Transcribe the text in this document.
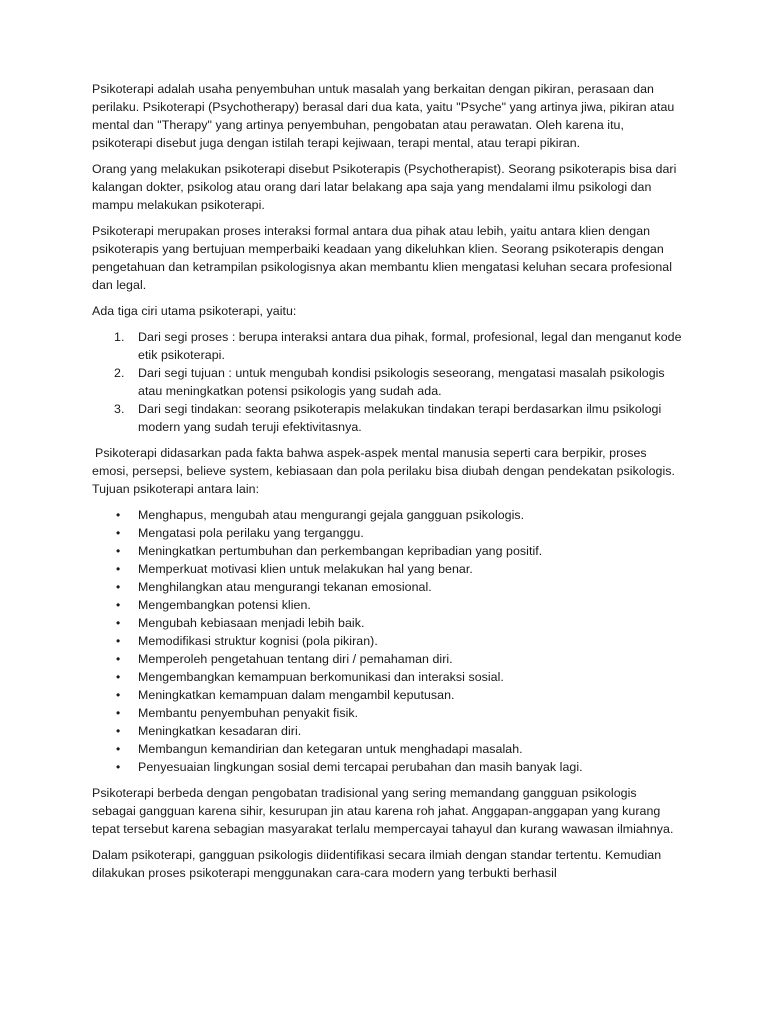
Psikoterapi adalah usaha penyembuhan untuk masalah yang berkaitan dengan pikiran, perasaan dan perilaku. Psikoterapi (Psychotherapy) berasal dari dua kata, yaitu "Psyche" yang artinya jiwa, pikiran atau mental dan "Therapy" yang artinya penyembuhan, pengobatan atau perawatan. Oleh karena itu, psikoterapi disebut juga dengan istilah terapi kejiwaan, terapi mental, atau terapi pikiran.

Orang yang melakukan psikoterapi disebut Psikoterapis (Psychotherapist). Seorang psikoterapis bisa dari kalangan dokter, psikolog atau orang dari latar belakang apa saja yang mendalami ilmu psikologi dan mampu melakukan psikoterapi.

Psikoterapi merupakan proses interaksi formal antara dua pihak atau lebih, yaitu antara klien dengan psikoterapis yang bertujuan memperbaiki keadaan yang dikeluhkan klien. Seorang psikoterapis dengan pengetahuan dan ketrampilan psikologisnya akan membantu klien mengatasi keluhan secara profesional dan legal.

Ada tiga ciri utama psikoterapi, yaitu:

1. Dari segi proses : berupa interaksi antara dua pihak, formal, profesional, legal dan menganut kode etik psikoterapi.
2. Dari segi tujuan : untuk mengubah kondisi psikologis seseorang, mengatasi masalah psikologis atau meningkatkan potensi psikologis yang sudah ada.
3. Dari segi tindakan: seorang psikoterapis melakukan tindakan terapi berdasarkan ilmu psikologi modern yang sudah teruji efektivitasnya.

Psikoterapi didasarkan pada fakta bahwa aspek-aspek mental manusia seperti cara berpikir, proses emosi, persepsi, believe system, kebiasaan dan pola perilaku bisa diubah dengan pendekatan psikologis. Tujuan psikoterapi antara lain:

• Menghapus, mengubah atau mengurangi gejala gangguan psikologis.
• Mengatasi pola perilaku yang terganggu.
• Meningkatkan pertumbuhan dan perkembangan kepribadian yang positif.
• Memperkuat motivasi klien untuk melakukan hal yang benar.
• Menghilangkan atau mengurangi tekanan emosional.
• Mengembangkan potensi klien.
• Mengubah kebiasaan menjadi lebih baik.
• Memodifikasi struktur kognisi (pola pikiran).
• Memperoleh pengetahuan tentang diri / pemahaman diri.
• Mengembangkan kemampuan berkomunikasi dan interaksi sosial.
• Meningkatkan kemampuan dalam mengambil keputusan.
• Membantu penyembuhan penyakit fisik.
• Meningkatkan kesadaran diri.
• Membangun kemandirian dan ketegaran untuk menghadapi masalah.
• Penyesuaian lingkungan sosial demi tercapai perubahan dan masih banyak lagi.

Psikoterapi berbeda dengan pengobatan tradisional yang sering memandang gangguan psikologis sebagai gangguan karena sihir, kesurupan jin atau karena roh jahat. Anggapan-anggapan yang kurang tepat tersebut karena sebagian masyarakat terlalu mempercayai tahayul dan kurang wawasan ilmiahnya.

Dalam psikoterapi, gangguan psikologis diidentifikasi secara ilmiah dengan standar tertentu. Kemudian dilakukan proses psikoterapi menggunakan cara-cara modern yang terbukti berhasil
